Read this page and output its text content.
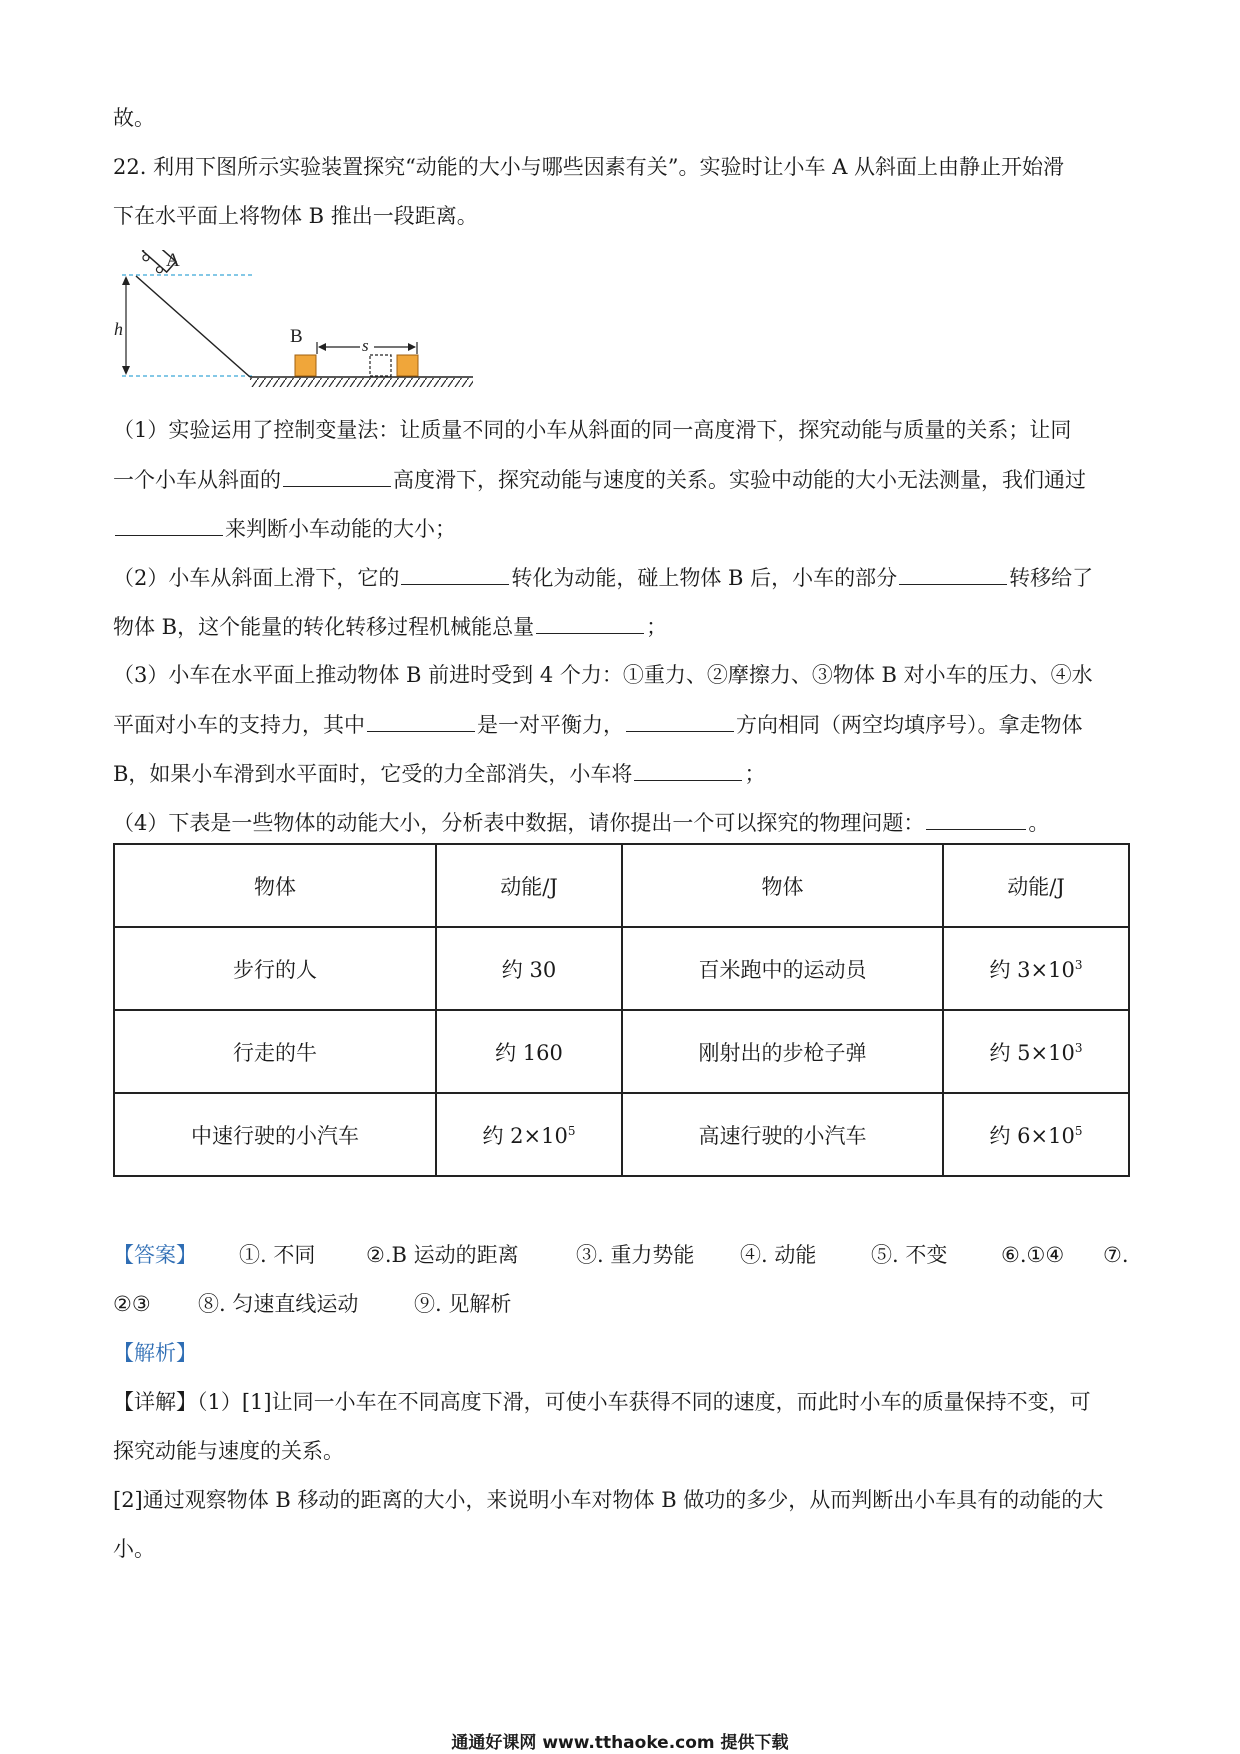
故。
22. 利用下图所示实验装置探究“动能的大小与哪些因素有关”。实验时让小车 A 从斜面上由静止开始滑
下在水平面上将物体 B 推出一段距离。
A
h	B	s
（1）实验运用了控制变量法：让质量不同的小车从斜面的同一高度滑下，探究动能与质量的关系；让同
一个小车从斜面的	高度滑下，探究动能与速度的关系。实验中动能的大小无法测量，我们通过
来判断小车动能的大小；
（2）小车从斜面上滑下，它的	转化为动能，碰上物体 B 后，小车的部分	转移给了
物体 B，这个能量的转化转移过程机械能总量	；
（3）小车在水平面上推动物体 B 前进时受到 4 个力：①重力、②摩擦力、③物体 B 对小车的压力、④水
平面对小车的支持力，其中	是一对平衡力，	方向相同（两空均填序号）。拿走物体
B，如果小车滑到水平面时，它受的力全部消失，小车将	；
（4）下表是一些物体的动能大小，分析表中数据，请你提出一个可以探究的物理问题：	。
物体	动能/J	物体	动能/J
步行的人	约 30	百米跑中的运动员	约 $3\times 10^3$
行走的牛	约 160	刚射出的步枪子弹	约 $5\times 10^3$
中速行驶的小汽车	约 $2\times 10^5$	高速行驶的小汽车	约 $6\times 10^5$
【答案】 ①. 不同 ②.B 运动的距离	③. 重力势能 ④. 动能	⑤. 不变	⑥.①④ ⑦.
②③ ⑧. 匀速直线运动	⑨. 见解析
【解析】
【详解】（1）[1]让同一小车在不同高度下滑，可使小车获得不同的速度，而此时小车的质量保持不变，可
探究动能与速度的关系。
[2]通过观察物体 B 移动的距离的大小，来说明小车对物体 B 做功的多少，从而判断出小车具有的动能的大
小。
通通好课网 www.tthaoke.com 提供下载
